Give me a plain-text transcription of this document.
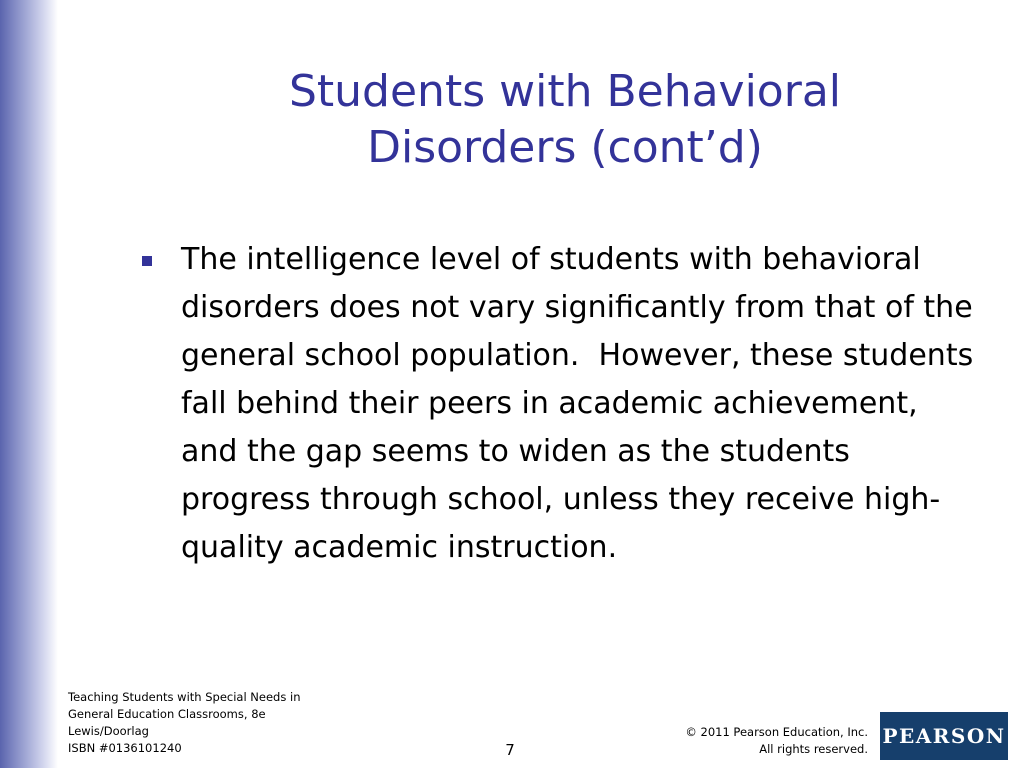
Students with Behavioral Disorders (cont’d)
The intelligence level of students with behavioral disorders does not vary significantly from that of the general school population.  However, these students fall behind their peers in academic achievement, and the gap seems to widen as the students progress through school, unless they receive high-quality academic instruction.
Teaching Students with Special Needs in
General Education Classrooms, 8e
Lewis/Doorlag
ISBN #0136101240	7
© 2011 Pearson Education, Inc.
All rights reserved.
PEARSON
